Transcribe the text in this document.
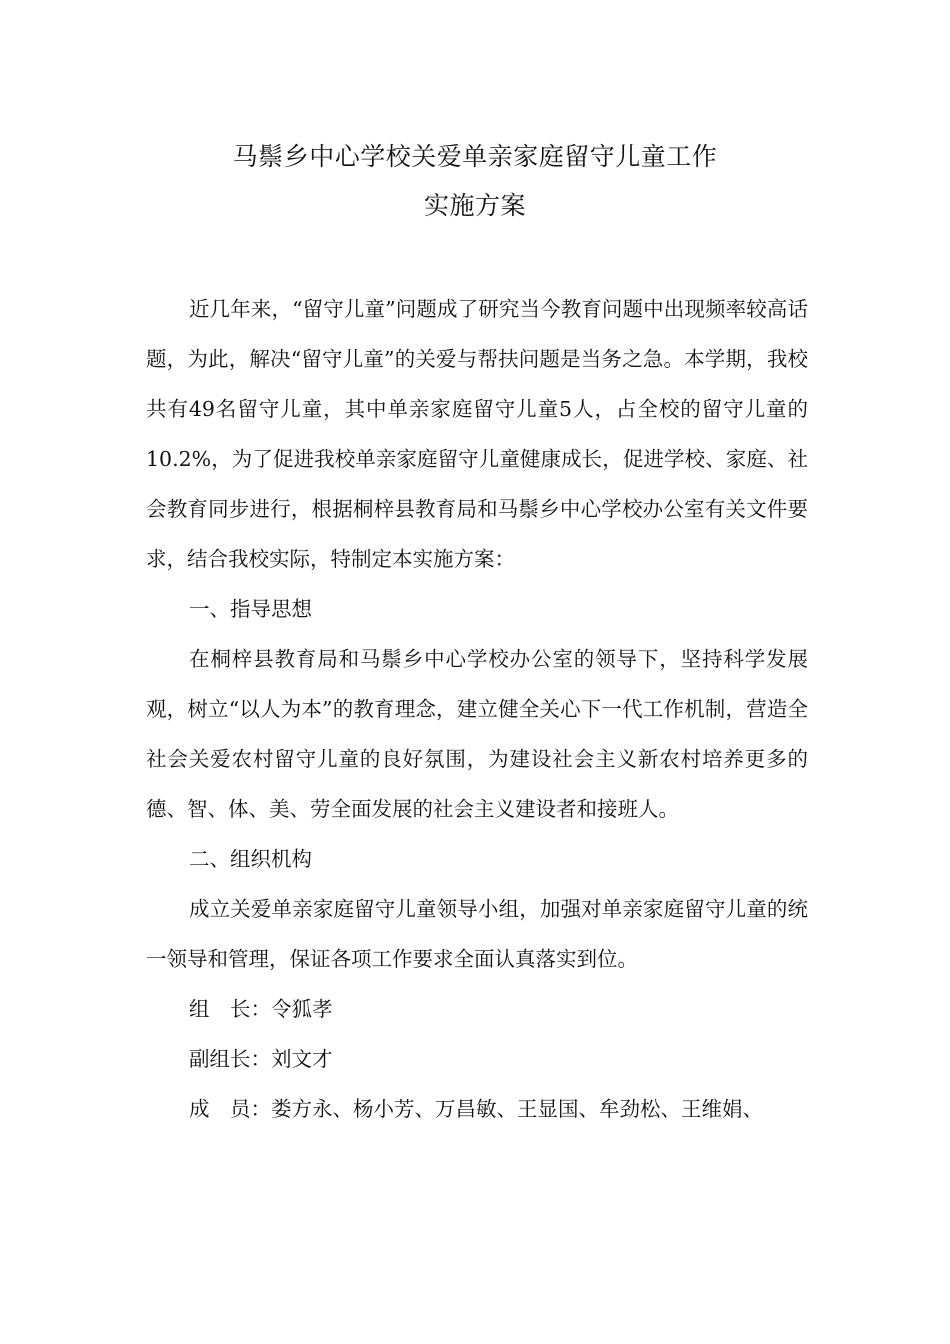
马鬃乡中心学校关爱单亲家庭留守儿童工作
实施方案

近几年来，“留守儿童”问题成了研究当今教育问题中出现频率较高话题，为此，解决“留守儿童”的关爱与帮扶问题是当务之急。本学期，我校共有49名留守儿童，其中单亲家庭留守儿童5人，占全校的留守儿童的10.2%，为了促进我校单亲家庭留守儿童健康成长，促进学校、家庭、社会教育同步进行，根据桐梓县教育局和马鬃乡中心学校办公室有关文件要求，结合我校实际，特制定本实施方案：

一、指导思想

在桐梓县教育局和马鬃乡中心学校办公室的领导下，坚持科学发展观，树立“以人为本”的教育理念，建立健全关心下一代工作机制，营造全社会关爱农村留守儿童的良好氛围，为建设社会主义新农村培养更多的德、智、体、美、劳全面发展的社会主义建设者和接班人。

二、组织机构

成立关爱单亲家庭留守儿童领导小组，加强对单亲家庭留守儿童的统一领导和管理，保证各项工作要求全面认真落实到位。

组　长：令狐孝

副组长：刘文才

成　员：娄方永、杨小芳、万昌敏、王显国、牟劲松、王维娟、
